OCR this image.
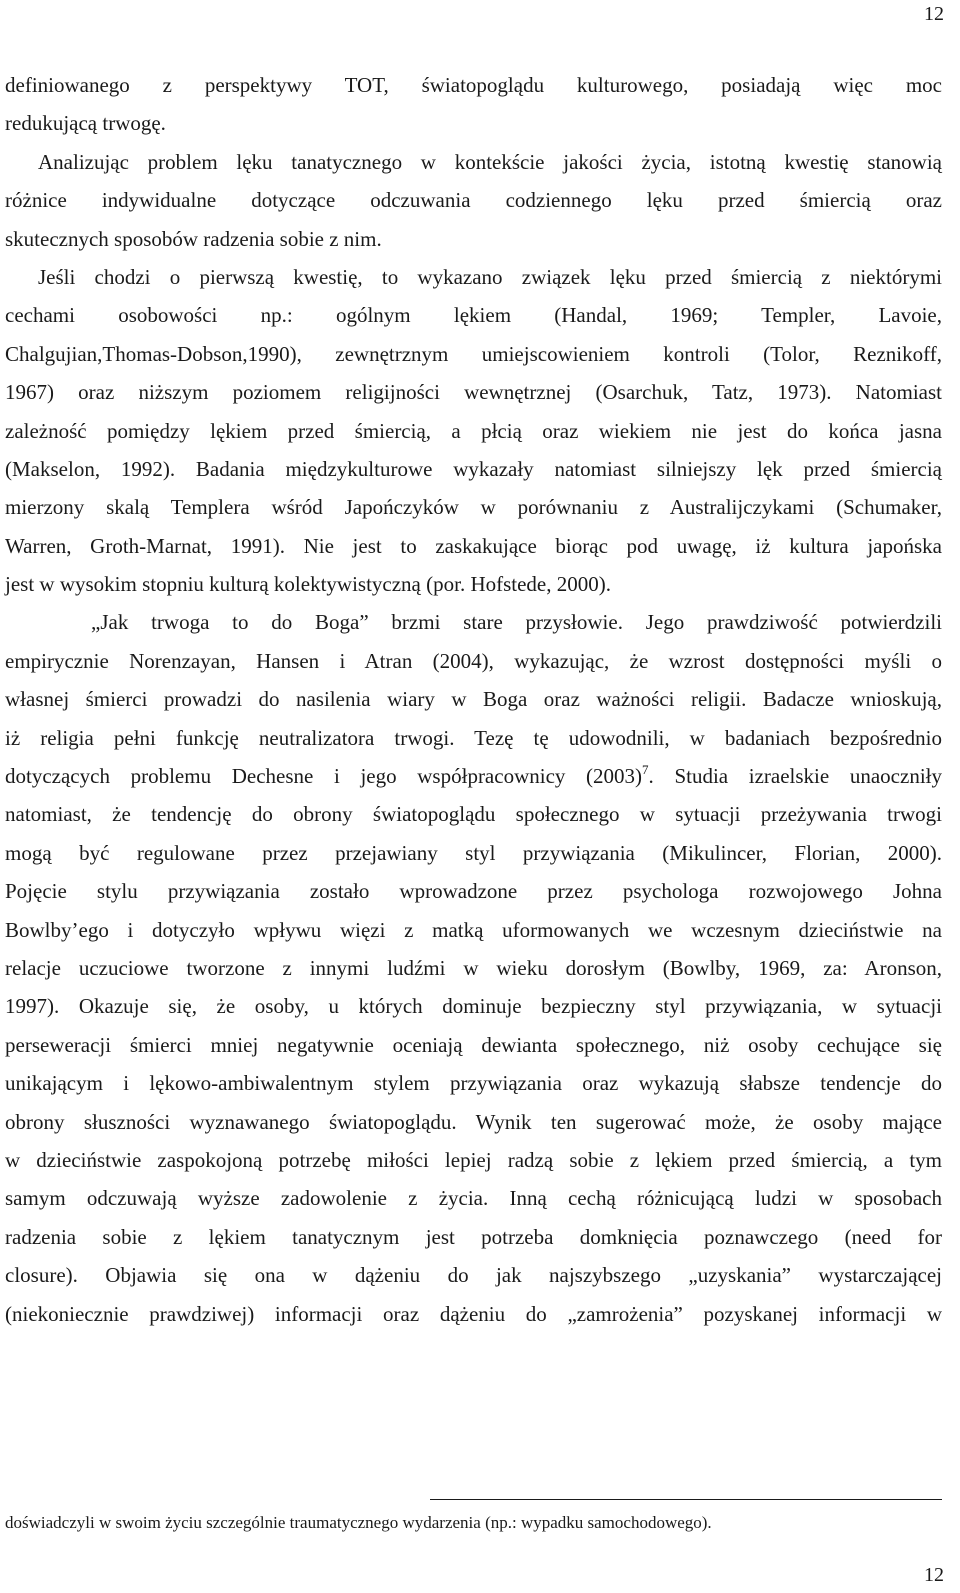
12
definiowanego z perspektywy TOT, światopoglądu kulturowego, posiadają więc moc
redukującą trwogę.
Analizując problem lęku tanatycznego w kontekście jakości życia, istotną kwestię stanowią
różnice indywidualne dotyczące odczuwania codziennego lęku przed śmiercią oraz
skutecznych sposobów radzenia sobie z nim.
Jeśli chodzi o pierwszą kwestię, to wykazano związek lęku przed śmiercią z niektórymi
cechami osobowości np.: ogólnym lękiem (Handal, 1969; Templer, Lavoie,
Chalgujian,Thomas-Dobson,1990), zewnętrznym umiejscowieniem kontroli (Tolor, Reznikoff,
1967) oraz niższym poziomem religijności wewnętrznej (Osarchuk, Tatz, 1973). Natomiast
zależność pomiędzy lękiem przed śmiercią, a płcią oraz wiekiem nie jest do końca jasna
(Makselon, 1992). Badania międzykulturowe wykazały natomiast silniejszy lęk przed śmiercią
mierzony skalą Templera wśród Japończyków w porównaniu z Australijczykami (Schumaker,
Warren, Groth-Marnat, 1991). Nie jest to zaskakujące biorąc pod uwagę, iż kultura japońska
jest w wysokim stopniu kulturą kolektywistyczną (por. Hofstede, 2000).
„Jak trwoga to do Boga” brzmi stare przysłowie. Jego prawdziwość potwierdzili
empirycznie Norenzayan, Hansen i Atran (2004), wykazując, że wzrost dostępności myśli o
własnej śmierci prowadzi do nasilenia wiary w Boga oraz ważności religii. Badacze wnioskują,
iż religia pełni funkcję neutralizatora trwogi. Tezę tę udowodnili, w badaniach bezpośrednio
dotyczących problemu Dechesne i jego współpracownicy $(2003)^7$. Studia izraelskie unaoczniły
natomiast, że tendencję do obrony światopoglądu społecznego w sytuacji przeżywania trwogi
mogą być regulowane przez przejawiany styl przywiązania (Mikulincer, Florian, 2000).
Pojęcie stylu przywiązania zostało wprowadzone przez psychologa rozwojowego Johna
Bowlby’ego i dotyczyło wpływu więzi z matką uformowanych we wczesnym dzieciństwie na
relacje uczuciowe tworzone z innymi ludźmi w wieku dorosłym (Bowlby, 1969, za: Aronson,
1997). Okazuje się, że osoby, u których dominuje bezpieczny styl przywiązania, w sytuacji
perseweracji śmierci mniej negatywnie oceniają dewianta społecznego, niż osoby cechujące się
unikającym i lękowo-ambiwalentnym stylem przywiązania oraz wykazują słabsze tendencje do
obrony słuszności wyznawanego światopoglądu. Wynik ten sugerować może, że osoby mające
w dzieciństwie zaspokojoną potrzebę miłości lepiej radzą sobie z lękiem przed śmiercią, a tym
samym odczuwają wyższe zadowolenie z życia. Inną cechą różnicującą ludzi w sposobach
radzenia sobie z lękiem tanatycznym jest potrzeba domknięcia poznawczego (need for
closure). Objawia się ona w dążeniu do jak najszybszego „uzyskania” wystarczającej
(niekoniecznie prawdziwej) informacji oraz dążeniu do „zamrożenia” pozyskanej informacji w
doświadczyli w swoim życiu szczególnie traumatycznego wydarzenia (np.: wypadku samochodowego).
12
